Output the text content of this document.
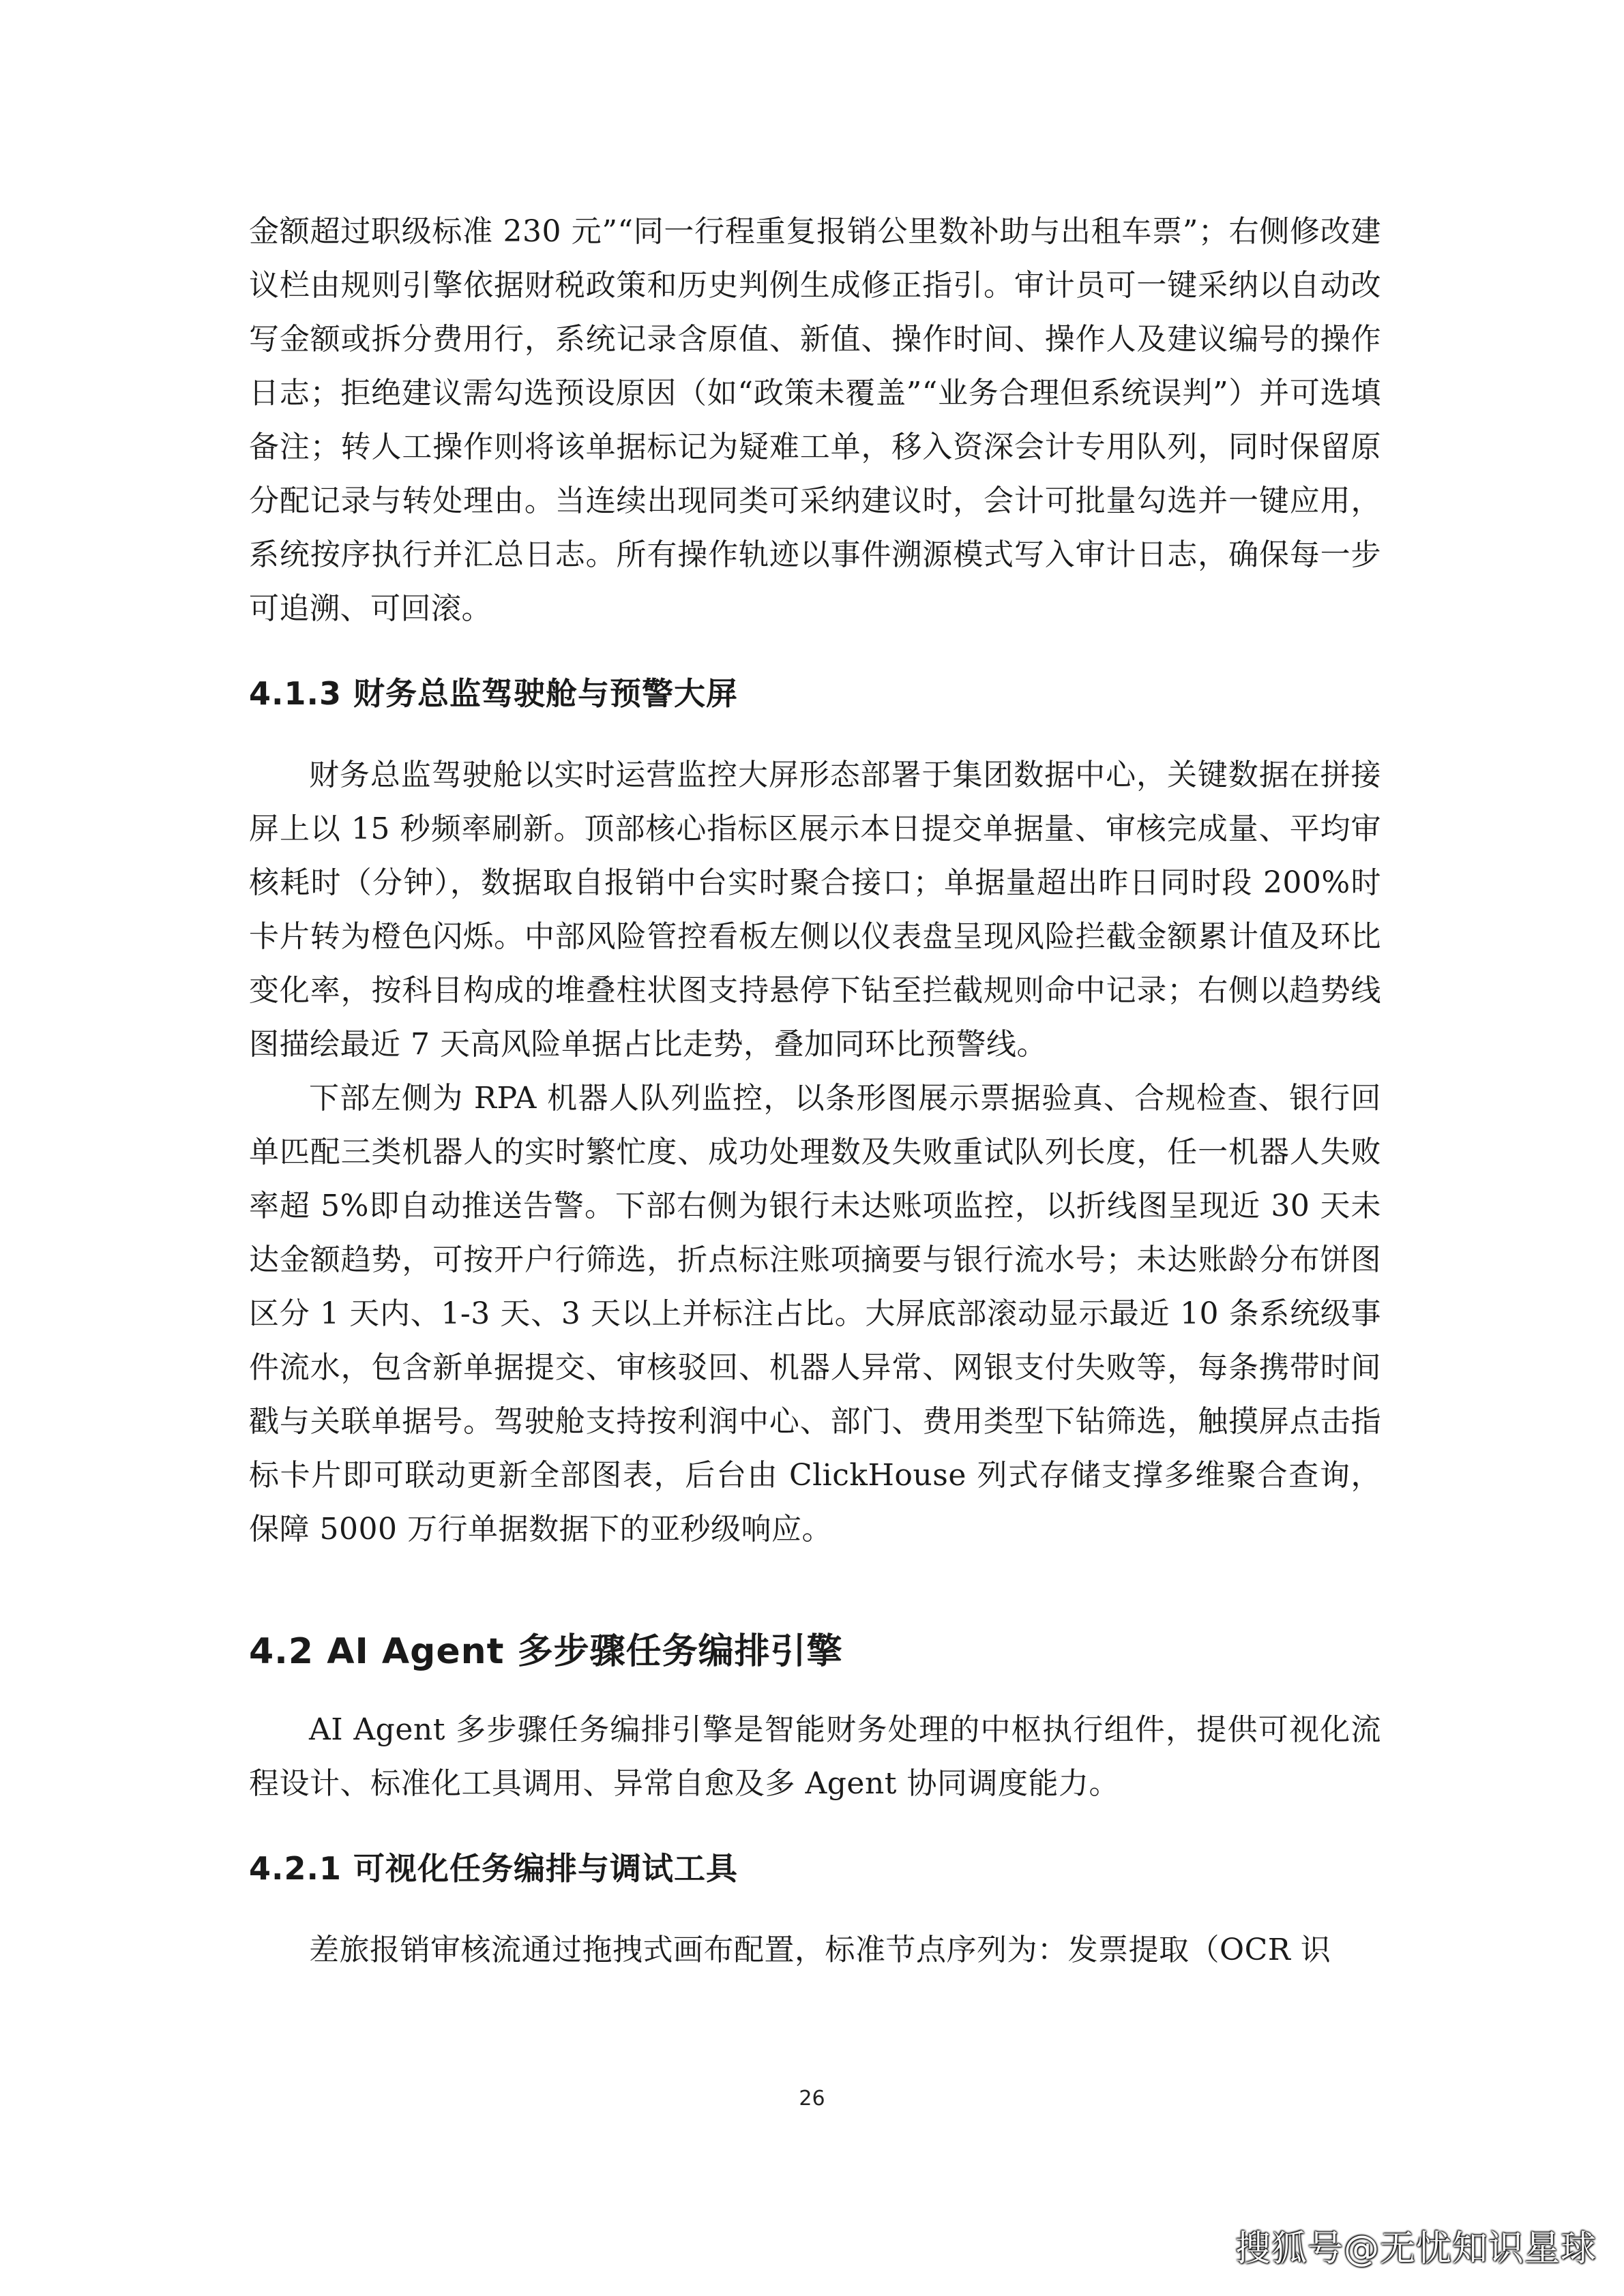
金额超过职级标准 230 元”“同一行程重复报销公里数补助与出租车票”；右侧修改建议栏由规则引擎依据财税政策和历史判例生成修正指引。审计员可一键采纳以自动改写金额或拆分费用行，系统记录含原值、新值、操作时间、操作人及建议编号的操作日志；拒绝建议需勾选预设原因（如“政策未覆盖”“业务合理但系统误判”）并可选填备注；转人工操作则将该单据标记为疑难工单，移入资深会计专用队列，同时保留原分配记录与转处理由。当连续出现同类可采纳建议时，会计可批量勾选并一键应用，系统按序执行并汇总日志。所有操作轨迹以事件溯源模式写入审计日志，确保每一步可追溯、可回滚。

4.1.3 财务总监驾驶舱与预警大屏

财务总监驾驶舱以实时运营监控大屏形态部署于集团数据中心，关键数据在拼接屏上以 15 秒频率刷新。顶部核心指标区展示本日提交单据量、审核完成量、平均审核耗时（分钟），数据取自报销中台实时聚合接口；单据量超出昨日同时段 200%时卡片转为橙色闪烁。中部风险管控看板左侧以仪表盘呈现风险拦截金额累计值及环比变化率，按科目构成的堆叠柱状图支持悬停下钻至拦截规则命中记录；右侧以趋势线图描绘最近 7 天高风险单据占比走势，叠加同环比预警线。

下部左侧为 RPA 机器人队列监控，以条形图展示票据验真、合规检查、银行回单匹配三类机器人的实时繁忙度、成功处理数及失败重试队列长度，任一机器人失败率超 5%即自动推送告警。下部右侧为银行未达账项监控，以折线图呈现近 30 天未达金额趋势，可按开户行筛选，折点标注账项摘要与银行流水号；未达账龄分布饼图区分 1 天内、1-3 天、3 天以上并标注占比。大屏底部滚动显示最近 10 条系统级事件流水，包含新单据提交、审核驳回、机器人异常、网银支付失败等，每条携带时间戳与关联单据号。驾驶舱支持按利润中心、部门、费用类型下钻筛选，触摸屏点击指标卡片即可联动更新全部图表，后台由 ClickHouse 列式存储支撑多维聚合查询，保障 5000 万行单据数据下的亚秒级响应。

4.2 AI Agent 多步骤任务编排引擎

AI Agent 多步骤任务编排引擎是智能财务处理的中枢执行组件，提供可视化流程设计、标准化工具调用、异常自愈及多 Agent 协同调度能力。

4.2.1 可视化任务编排与调试工具

差旅报销审核流通过拖拽式画布配置，标准节点序列为：发票提取（OCR 识

26
搜狐号@无忧知识星球
